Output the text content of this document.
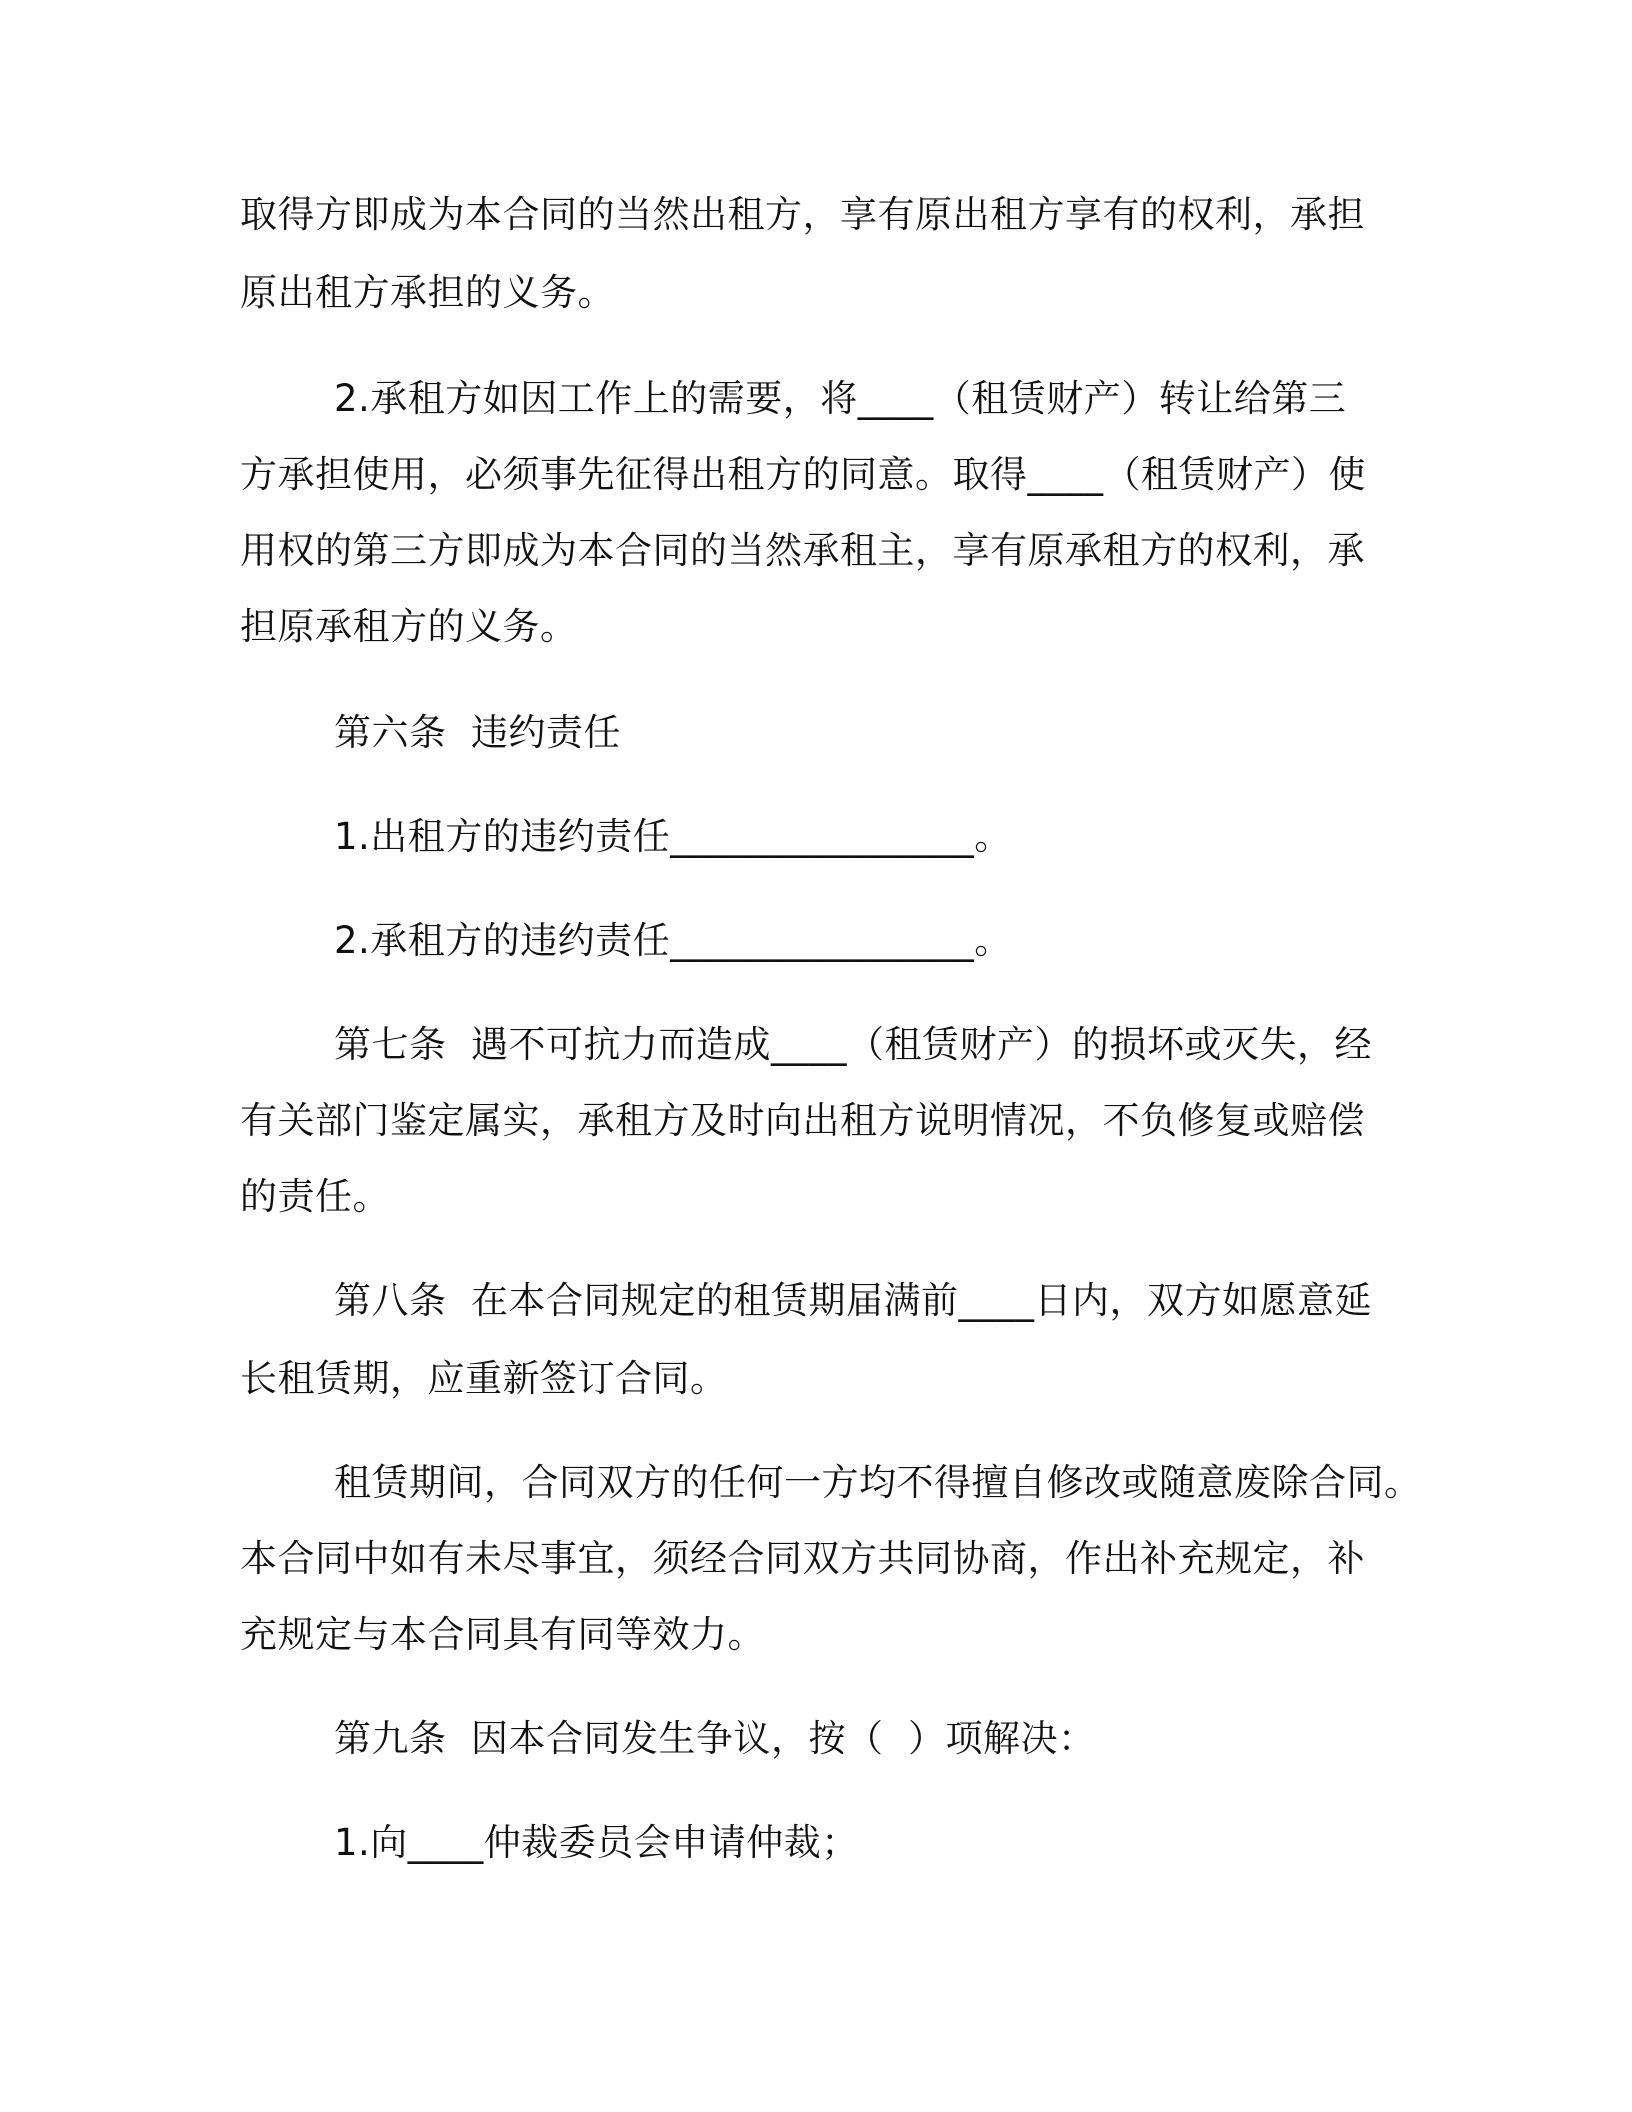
取得方即成为本合同的当然出租方，享有原出租方享有的权利，承担
原出租方承担的义务。
2.承租方如因工作上的需要，将____（租赁财产）转让给第三
方承担使用，必须事先征得出租方的同意。取得____（租赁财产）使
用权的第三方即成为本合同的当然承租主，享有原承租方的权利，承
担原承租方的义务。
第六条  违约责任
1.出租方的违约责任________________。
2.承租方的违约责任________________。
第七条  遇不可抗力而造成____（租赁财产）的损坏或灭失，经
有关部门鉴定属实，承租方及时向出租方说明情况，不负修复或赔偿
的责任。
第八条  在本合同规定的租赁期届满前____日内，双方如愿意延
长租赁期，应重新签订合同。
租赁期间，合同双方的任何一方均不得擅自修改或随意废除合同。
本合同中如有未尽事宜，须经合同双方共同协商，作出补充规定，补
充规定与本合同具有同等效力。
第九条  因本合同发生争议，按（  ）项解决：
1.向____仲裁委员会申请仲裁；
